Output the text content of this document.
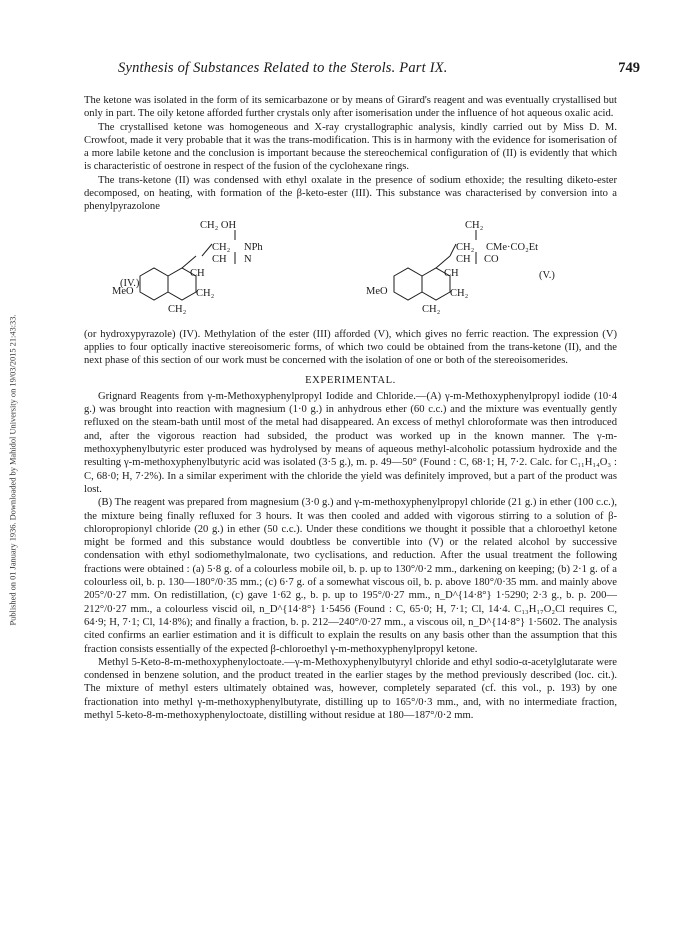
Published on 01 January 1936. Downloaded by Mahidol University on 19/03/2015 21:43:33.
Synthesis of Substances Related to the Sterols. Part IX.	749

The ketone was isolated in the form of its semicarbazone or by means of Girard's reagent and was eventually crystallised but only in part. The oily ketone afforded further crystals only after isomerisation under the influence of hot aqueous oxalic acid.

The crystallised ketone was homogeneous and X-ray crystallographic analysis, kindly carried out by Miss D. M. Crowfoot, made it very probable that it was the trans-modification. This is in harmony with the evidence for isomerisation of a more labile ketone and the conclusion is important because the stereochemical configuration of (II) is evidently that which is characteristic of oestrone in respect of the fusion of the cyclohexane rings.

The trans-ketone (II) was condensed with ethyl oxalate in the presence of sodium ethoxide; the resulting diketo-ester decomposed, on heating, with formation of the β-keto-ester (III). This substance was characterised by conversion into a phenylpyrazolone

(IV.)
CH₂ OH
CH₂ NPh
CH N
CH
MeO	CH₂
CH₂
CH₂
CH₂ CMe·CO₂Et
CH CO
CH
MeO	CH₂
CH₂
(V.)

(or hydroxypyrazole) (IV). Methylation of the ester (III) afforded (V), which gives no ferric reaction. The expression (V) applies to four optically inactive stereoisomeric forms, of which two could be obtained from the trans-ketone (II), and the next phase of this section of our work must be concerned with the isolation of one or both of the stereoisomerides.

EXPERIMENTAL.

Grignard Reagents from γ-m-Methoxyphenylpropyl Iodide and Chloride.—(A) γ-m-Methoxyphenylpropyl iodide (10·4 g.) was brought into reaction with magnesium (1·0 g.) in anhydrous ether (60 c.c.) and the mixture was eventually gently refluxed on the steam-bath until most of the metal had disappeared. An excess of methyl chloroformate was then introduced and, after the vigorous reaction had subsided, the product was worked up in the known manner. The γ-m-methoxyphenylbutyric ester produced was hydrolysed by means of aqueous methyl-alcoholic potassium hydroxide and the resulting γ-m-methoxyphenylbutyric acid was isolated (3·5 g.), m. p. 49—50° (Found : C, 68·1; H, 7·2. Calc. for C₁₁H₁₄O₃ : C, 68·0; H, 7·2%). In a similar experiment with the chloride the yield was definitely improved, but a part of the product was lost.

(B) The reagent was prepared from magnesium (3·0 g.) and γ-m-methoxyphenylpropyl chloride (21 g.) in ether (100 c.c.), the mixture being finally refluxed for 3 hours. It was then cooled and added with vigorous stirring to a solution of β-chloropropionyl chloride (20 g.) in ether (50 c.c.). Under these conditions we thought it possible that a chloroethyl ketone might be formed and this substance would doubtless be convertible into (V) or the related alcohol by successive condensation with ethyl sodiomethylmalonate, two cyclisations, and reduction. After the usual treatment the following fractions were obtained : (a) 5·8 g. of a colourless mobile oil, b. p. up to 130°/0·2 mm., darkening on keeping; (b) 2·1 g. of a colourless oil, b. p. 130—180°/0·35 mm.; (c) 6·7 g. of a somewhat viscous oil, b. p. above 180°/0·35 mm. and mainly above 205°/0·27 mm. On redistillation, (c) gave 1·62 g., b. p. up to 195°/0·27 mm., n_D^{14·8°} 1·5290; 2·3 g., b. p. 200—212°/0·27 mm., a colourless viscid oil, n_D^{14·8°} 1·5456 (Found : C, 65·0; H, 7·1; Cl, 14·4. C₁₃H₁₇O₂Cl requires C, 64·9; H, 7·1; Cl, 14·8%); and finally a fraction, b. p. 212—240°/0·27 mm., a viscous oil, n_D^{14·8°} 1·5602. The analysis cited confirms an earlier estimation and it is difficult to explain the results on any basis other than the assumption that this fraction consists essentially of the expected β-chloroethyl γ-m-methoxyphenylpropyl ketone.

Methyl 5-Keto-8-m-methoxyphenyloctoate.—γ-m-Methoxyphenylbutyryl chloride and ethyl sodio-α-acetylglutarate were condensed in benzene solution, and the product treated in the earlier stages by the method previously described (loc. cit.). The mixture of methyl esters ultimately obtained was, however, completely separated (cf. this vol., p. 193) by one fractionation into methyl γ-m-methoxyphenylbutyrate, distilling up to 165°/0·3 mm., and, with no intermediate fraction, methyl 5-keto-8-m-methoxyphenyloctoate, distilling without residue at 180—187°/0·2 mm.
